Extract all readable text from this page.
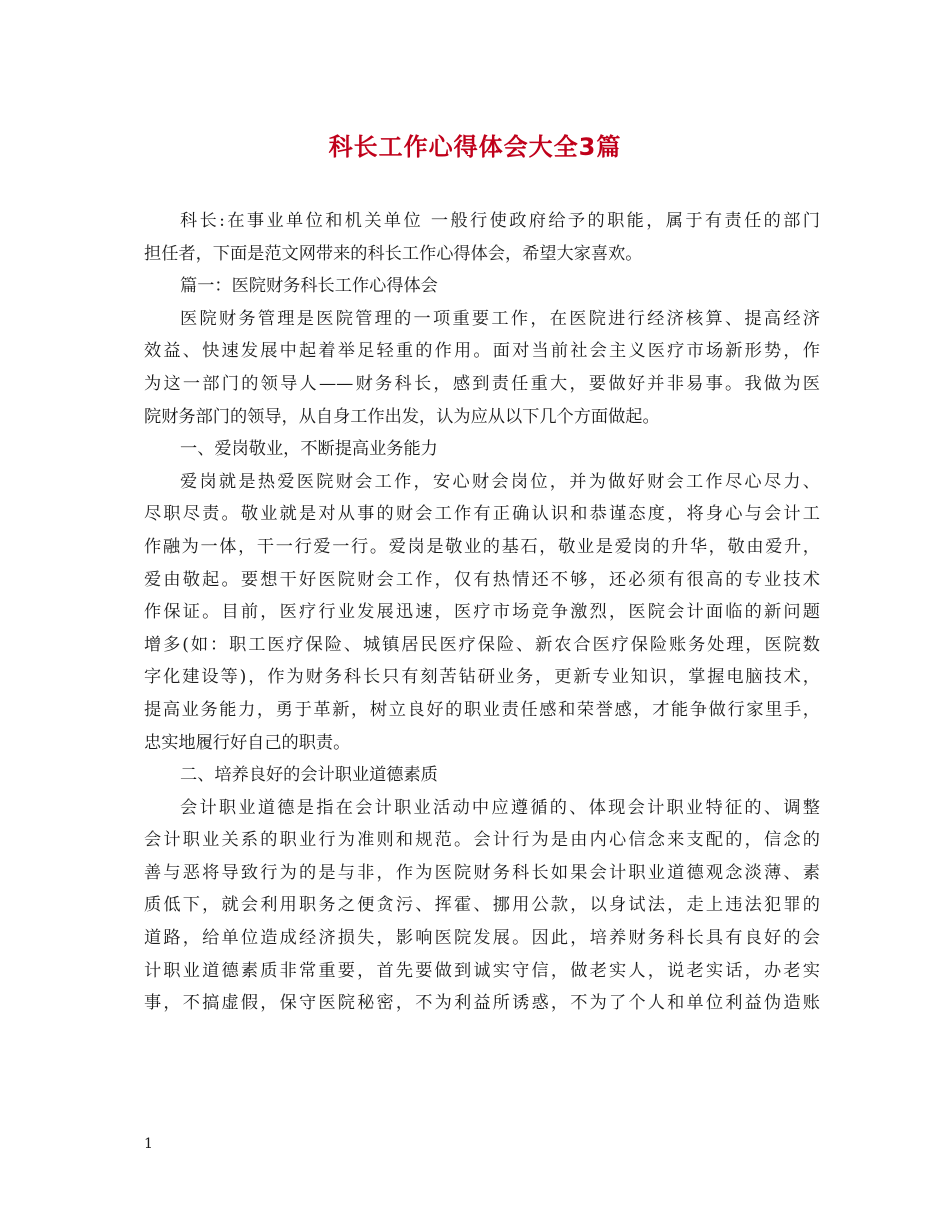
科长工作心得体会大全3篇
科长:在事业单位和机关单位 一般行使政府给予的职能，属于有责任的部门
担任者，下面是范文网带来的科长工作心得体会，希望大家喜欢。
篇一：医院财务科长工作心得体会
医院财务管理是医院管理的一项重要工作，在医院进行经济核算、提高经济
效益、快速发展中起着举足轻重的作用。面对当前社会主义医疗市场新形势，作
为这一部门的领导人——财务科长，感到责任重大，要做好并非易事。我做为医
院财务部门的领导，从自身工作出发，认为应从以下几个方面做起。
一、爱岗敬业，不断提高业务能力
爱岗就是热爱医院财会工作，安心财会岗位，并为做好财会工作尽心尽力、
尽职尽责。敬业就是对从事的财会工作有正确认识和恭谨态度，将身心与会计工
作融为一体，干一行爱一行。爱岗是敬业的基石，敬业是爱岗的升华，敬由爱升，
爱由敬起。要想干好医院财会工作，仅有热情还不够，还必须有很高的专业技术
作保证。目前，医疗行业发展迅速，医疗市场竞争激烈，医院会计面临的新问题
增多(如：职工医疗保险、城镇居民医疗保险、新农合医疗保险账务处理，医院数
字化建设等)，作为财务科长只有刻苦钻研业务，更新专业知识，掌握电脑技术，
提高业务能力，勇于革新，树立良好的职业责任感和荣誉感，才能争做行家里手，
忠实地履行好自己的职责。
二、培养良好的会计职业道德素质
会计职业道德是指在会计职业活动中应遵循的、体现会计职业特征的、调整
会计职业关系的职业行为准则和规范。会计行为是由内心信念来支配的，信念的
善与恶将导致行为的是与非，作为医院财务科长如果会计职业道德观念淡薄、素
质低下，就会利用职务之便贪污、挥霍、挪用公款，以身试法，走上违法犯罪的
道路，给单位造成经济损失，影响医院发展。因此，培养财务科长具有良好的会
计职业道德素质非常重要，首先要做到诚实守信，做老实人，说老实话，办老实
事，不搞虚假，保守医院秘密，不为利益所诱惑，不为了个人和单位利益伪造账
1
